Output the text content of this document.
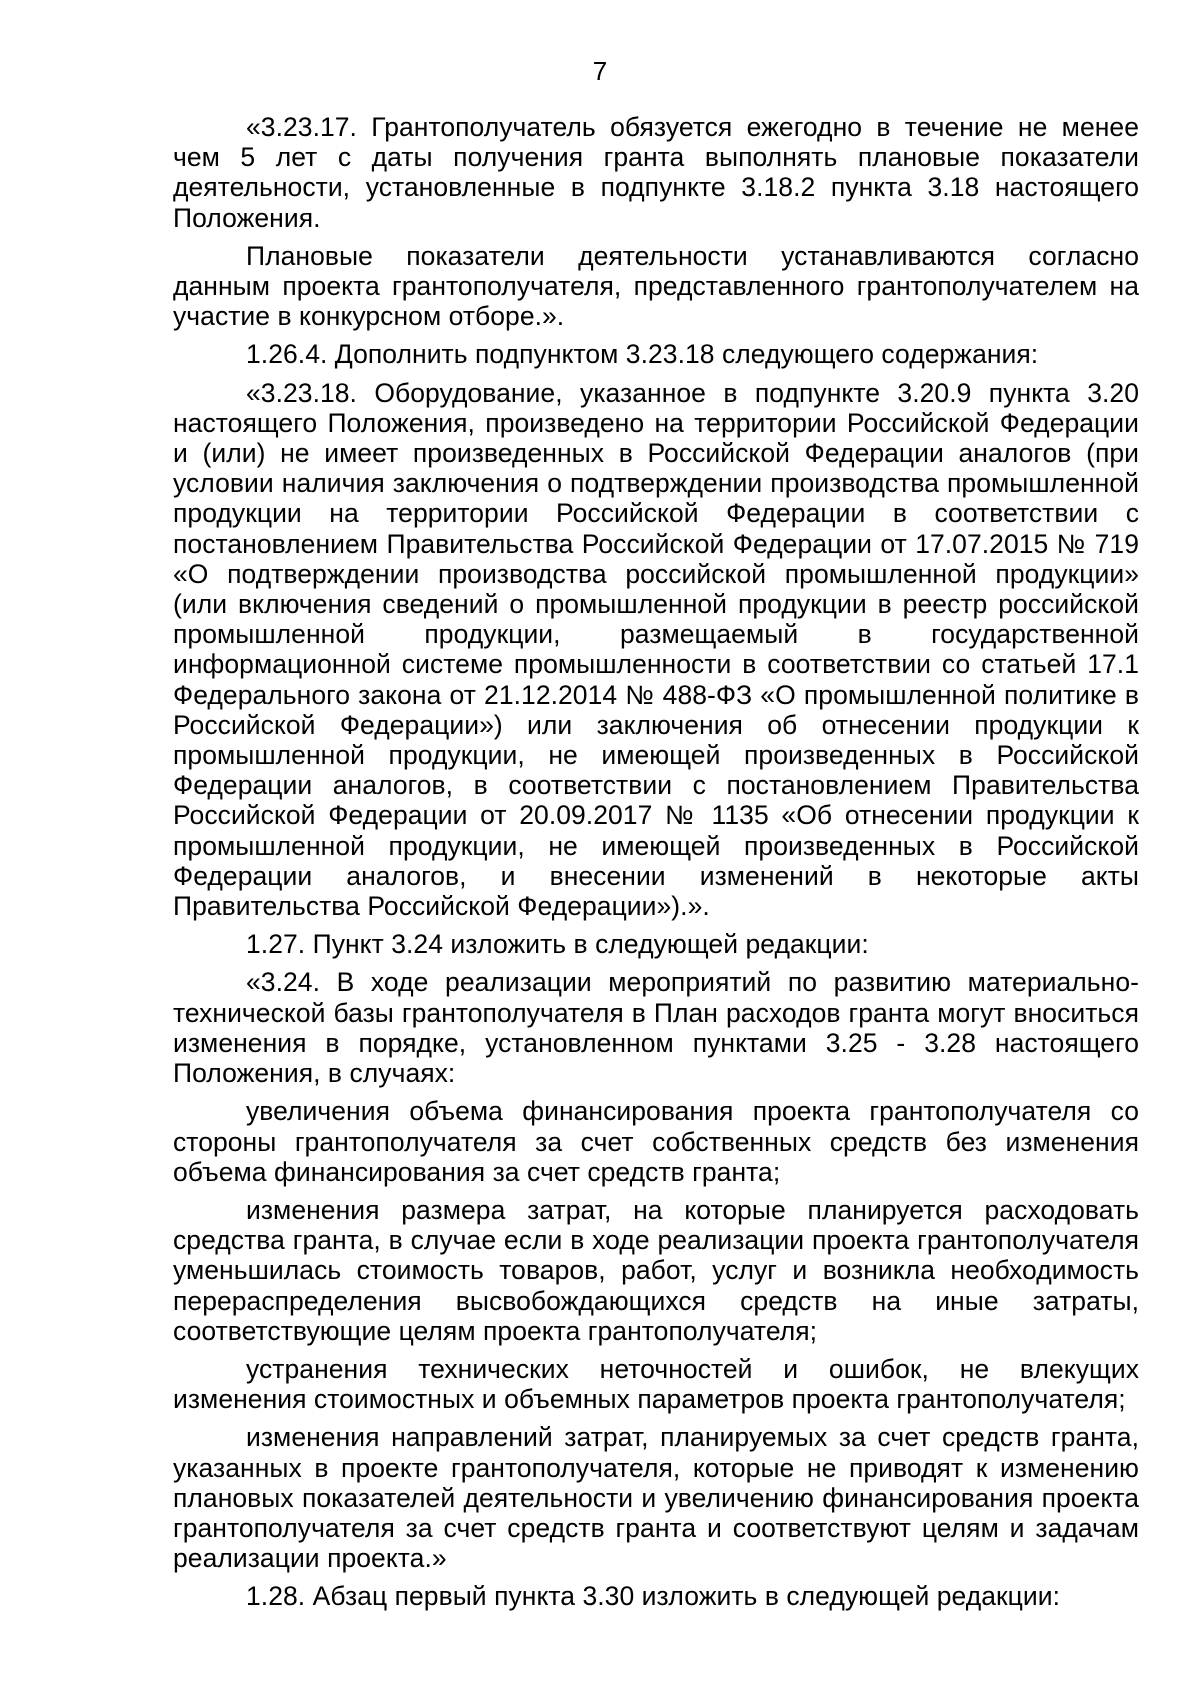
7

«3.23.17. Грантополучатель обязуется ежегодно в течение не менее чем 5 лет с даты получения гранта выполнять плановые показатели деятельности, установленные в подпункте 3.18.2 пункта 3.18 настоящего Положения.

Плановые показатели деятельности устанавливаются согласно данным проекта грантополучателя, представленного грантополучателем на участие в конкурсном отборе.».

1.26.4. Дополнить подпунктом 3.23.18 следующего содержания:

«3.23.18. Оборудование, указанное в подпункте 3.20.9 пункта 3.20 настоящего Положения, произведено на территории Российской Федерации и (или) не имеет произведенных в Российской Федерации аналогов (при условии наличия заключения о подтверждении производства промышленной продукции на территории Российской Федерации в соответствии с постановлением Правительства Российской Федерации от 17.07.2015 № 719 «О подтверждении производства российской промышленной продукции» (или включения сведений о промышленной продукции в реестр российской промышленной продукции, размещаемый в государственной информационной системе промышленности в соответствии со статьей 17.1 Федерального закона от 21.12.2014 № 488-ФЗ «О промышленной политике в Российской Федерации») или заключения об отнесении продукции к промышленной продукции, не имеющей произведенных в Российской Федерации аналогов, в соответствии с постановлением Правительства Российской Федерации от 20.09.2017 № 1135 «Об отнесении продукции к промышленной продукции, не имеющей произведенных в Российской Федерации аналогов, и внесении изменений в некоторые акты Правительства Российской Федерации»).».

1.27. Пункт 3.24 изложить в следующей редакции:

«3.24. В ходе реализации мероприятий по развитию материально-технической базы грантополучателя в План расходов гранта могут вноситься изменения в порядке, установленном пунктами 3.25 - 3.28 настоящего Положения, в случаях:

увеличения объема финансирования проекта грантополучателя со стороны грантополучателя за счет собственных средств без изменения объема финансирования за счет средств гранта;

изменения размера затрат, на которые планируется расходовать средства гранта, в случае если в ходе реализации проекта грантополучателя уменьшилась стоимость товаров, работ, услуг и возникла необходимость перераспределения высвобождающихся средств на иные затраты, соответствующие целям проекта грантополучателя;

устранения технических неточностей и ошибок, не влекущих изменения стоимостных и объемных параметров проекта грантополучателя;

изменения направлений затрат, планируемых за счет средств гранта, указанных в проекте грантополучателя, которые не приводят к изменению плановых показателей деятельности и увеличению финансирования проекта грантополучателя за счет средств гранта и соответствуют целям и задачам реализации проекта.»

1.28. Абзац первый пункта 3.30 изложить в следующей редакции:
